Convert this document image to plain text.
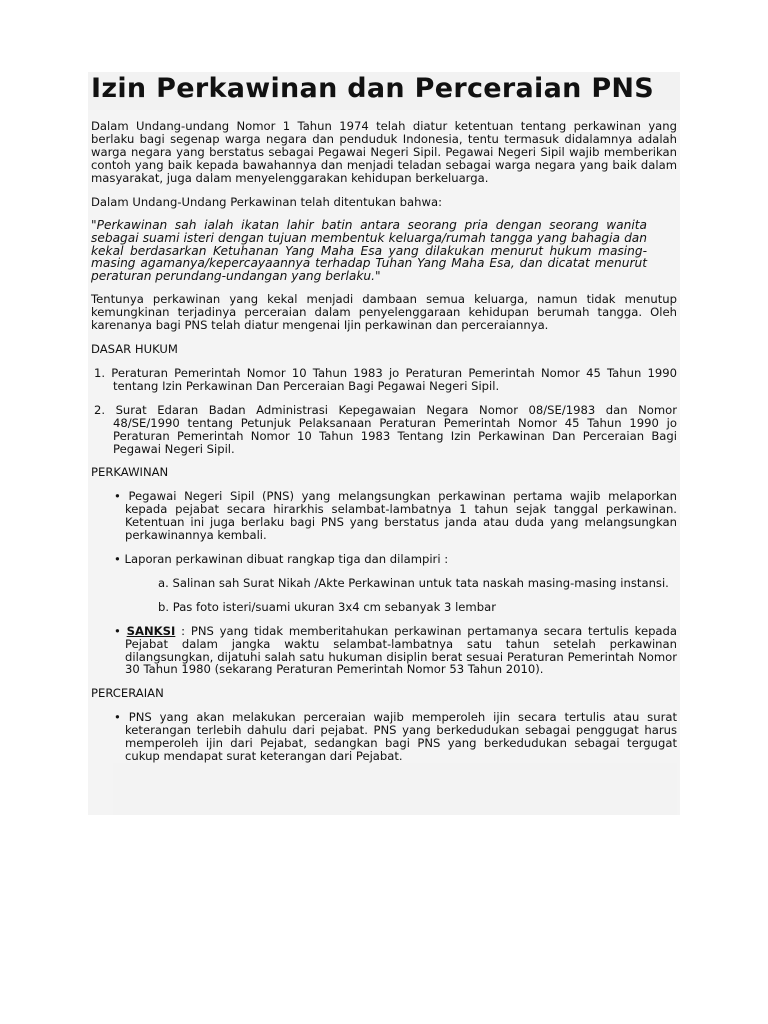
Izin Perkawinan dan Perceraian PNS

Dalam Undang-undang Nomor 1 Tahun 1974 telah diatur ketentuan tentang perkawinan yang berlaku bagi segenap warga negara dan penduduk Indonesia, tentu termasuk didalamnya adalah warga negara yang berstatus sebagai Pegawai Negeri Sipil. Pegawai Negeri Sipil wajib memberikan contoh yang baik kepada bawahannya dan menjadi teladan sebagai warga negara yang baik dalam masyarakat, juga dalam menyelenggarakan kehidupan berkeluarga.

Dalam Undang-Undang Perkawinan telah ditentukan bahwa:

"Perkawinan sah ialah ikatan lahir batin antara seorang pria dengan seorang wanita sebagai suami isteri dengan tujuan membentuk keluarga/rumah tangga yang bahagia dan kekal berdasarkan Ketuhanan Yang Maha Esa yang dilakukan menurut hukum masing-masing agamanya/kepercayaannya terhadap Tuhan Yang Maha Esa, dan dicatat menurut peraturan perundang-undangan yang berlaku."

Tentunya perkawinan yang kekal menjadi dambaan semua keluarga, namun tidak menutup kemungkinan terjadinya perceraian dalam penyelenggaraan kehidupan berumah tangga. Oleh karenanya bagi PNS telah diatur mengenai Ijin perkawinan dan perceraiannya.

DASAR HUKUM

1. Peraturan Pemerintah Nomor 10 Tahun 1983 jo Peraturan Pemerintah Nomor 45 Tahun 1990 tentang Izin Perkawinan Dan Perceraian Bagi Pegawai Negeri Sipil.

2. Surat Edaran Badan Administrasi Kepegawaian Negara Nomor 08/SE/1983 dan Nomor 48/SE/1990 tentang Petunjuk Pelaksanaan Peraturan Pemerintah Nomor 45 Tahun 1990 jo Peraturan Pemerintah Nomor 10 Tahun 1983 Tentang Izin Perkawinan Dan Perceraian Bagi Pegawai Negeri Sipil.

PERKAWINAN

• Pegawai Negeri Sipil (PNS) yang melangsungkan perkawinan pertama wajib melaporkan kepada pejabat secara hirarkhis selambat-lambatnya 1 tahun sejak tanggal perkawinan. Ketentuan ini juga berlaku bagi PNS yang berstatus janda atau duda yang melangsungkan perkawinannya kembali.

• Laporan perkawinan dibuat rangkap tiga dan dilampiri :

a. Salinan sah Surat Nikah /Akte Perkawinan untuk tata naskah masing-masing instansi.

b. Pas foto isteri/suami ukuran 3x4 cm sebanyak 3 lembar

• SANKSI : PNS yang tidak memberitahukan perkawinan pertamanya secara tertulis kepada Pejabat dalam jangka waktu selambat-lambatnya satu tahun setelah perkawinan dilangsungkan, dijatuhi salah satu hukuman disiplin berat sesuai Peraturan Pemerintah Nomor 30 Tahun 1980 (sekarang Peraturan Pemerintah Nomor 53 Tahun 2010).

PERCERAIAN

• PNS yang akan melakukan perceraian wajib memperoleh ijin secara tertulis atau surat keterangan terlebih dahulu dari pejabat. PNS yang berkedudukan sebagai penggugat harus memperoleh ijin dari Pejabat, sedangkan bagi PNS yang berkedudukan sebagai tergugat cukup mendapat surat keterangan dari Pejabat.
